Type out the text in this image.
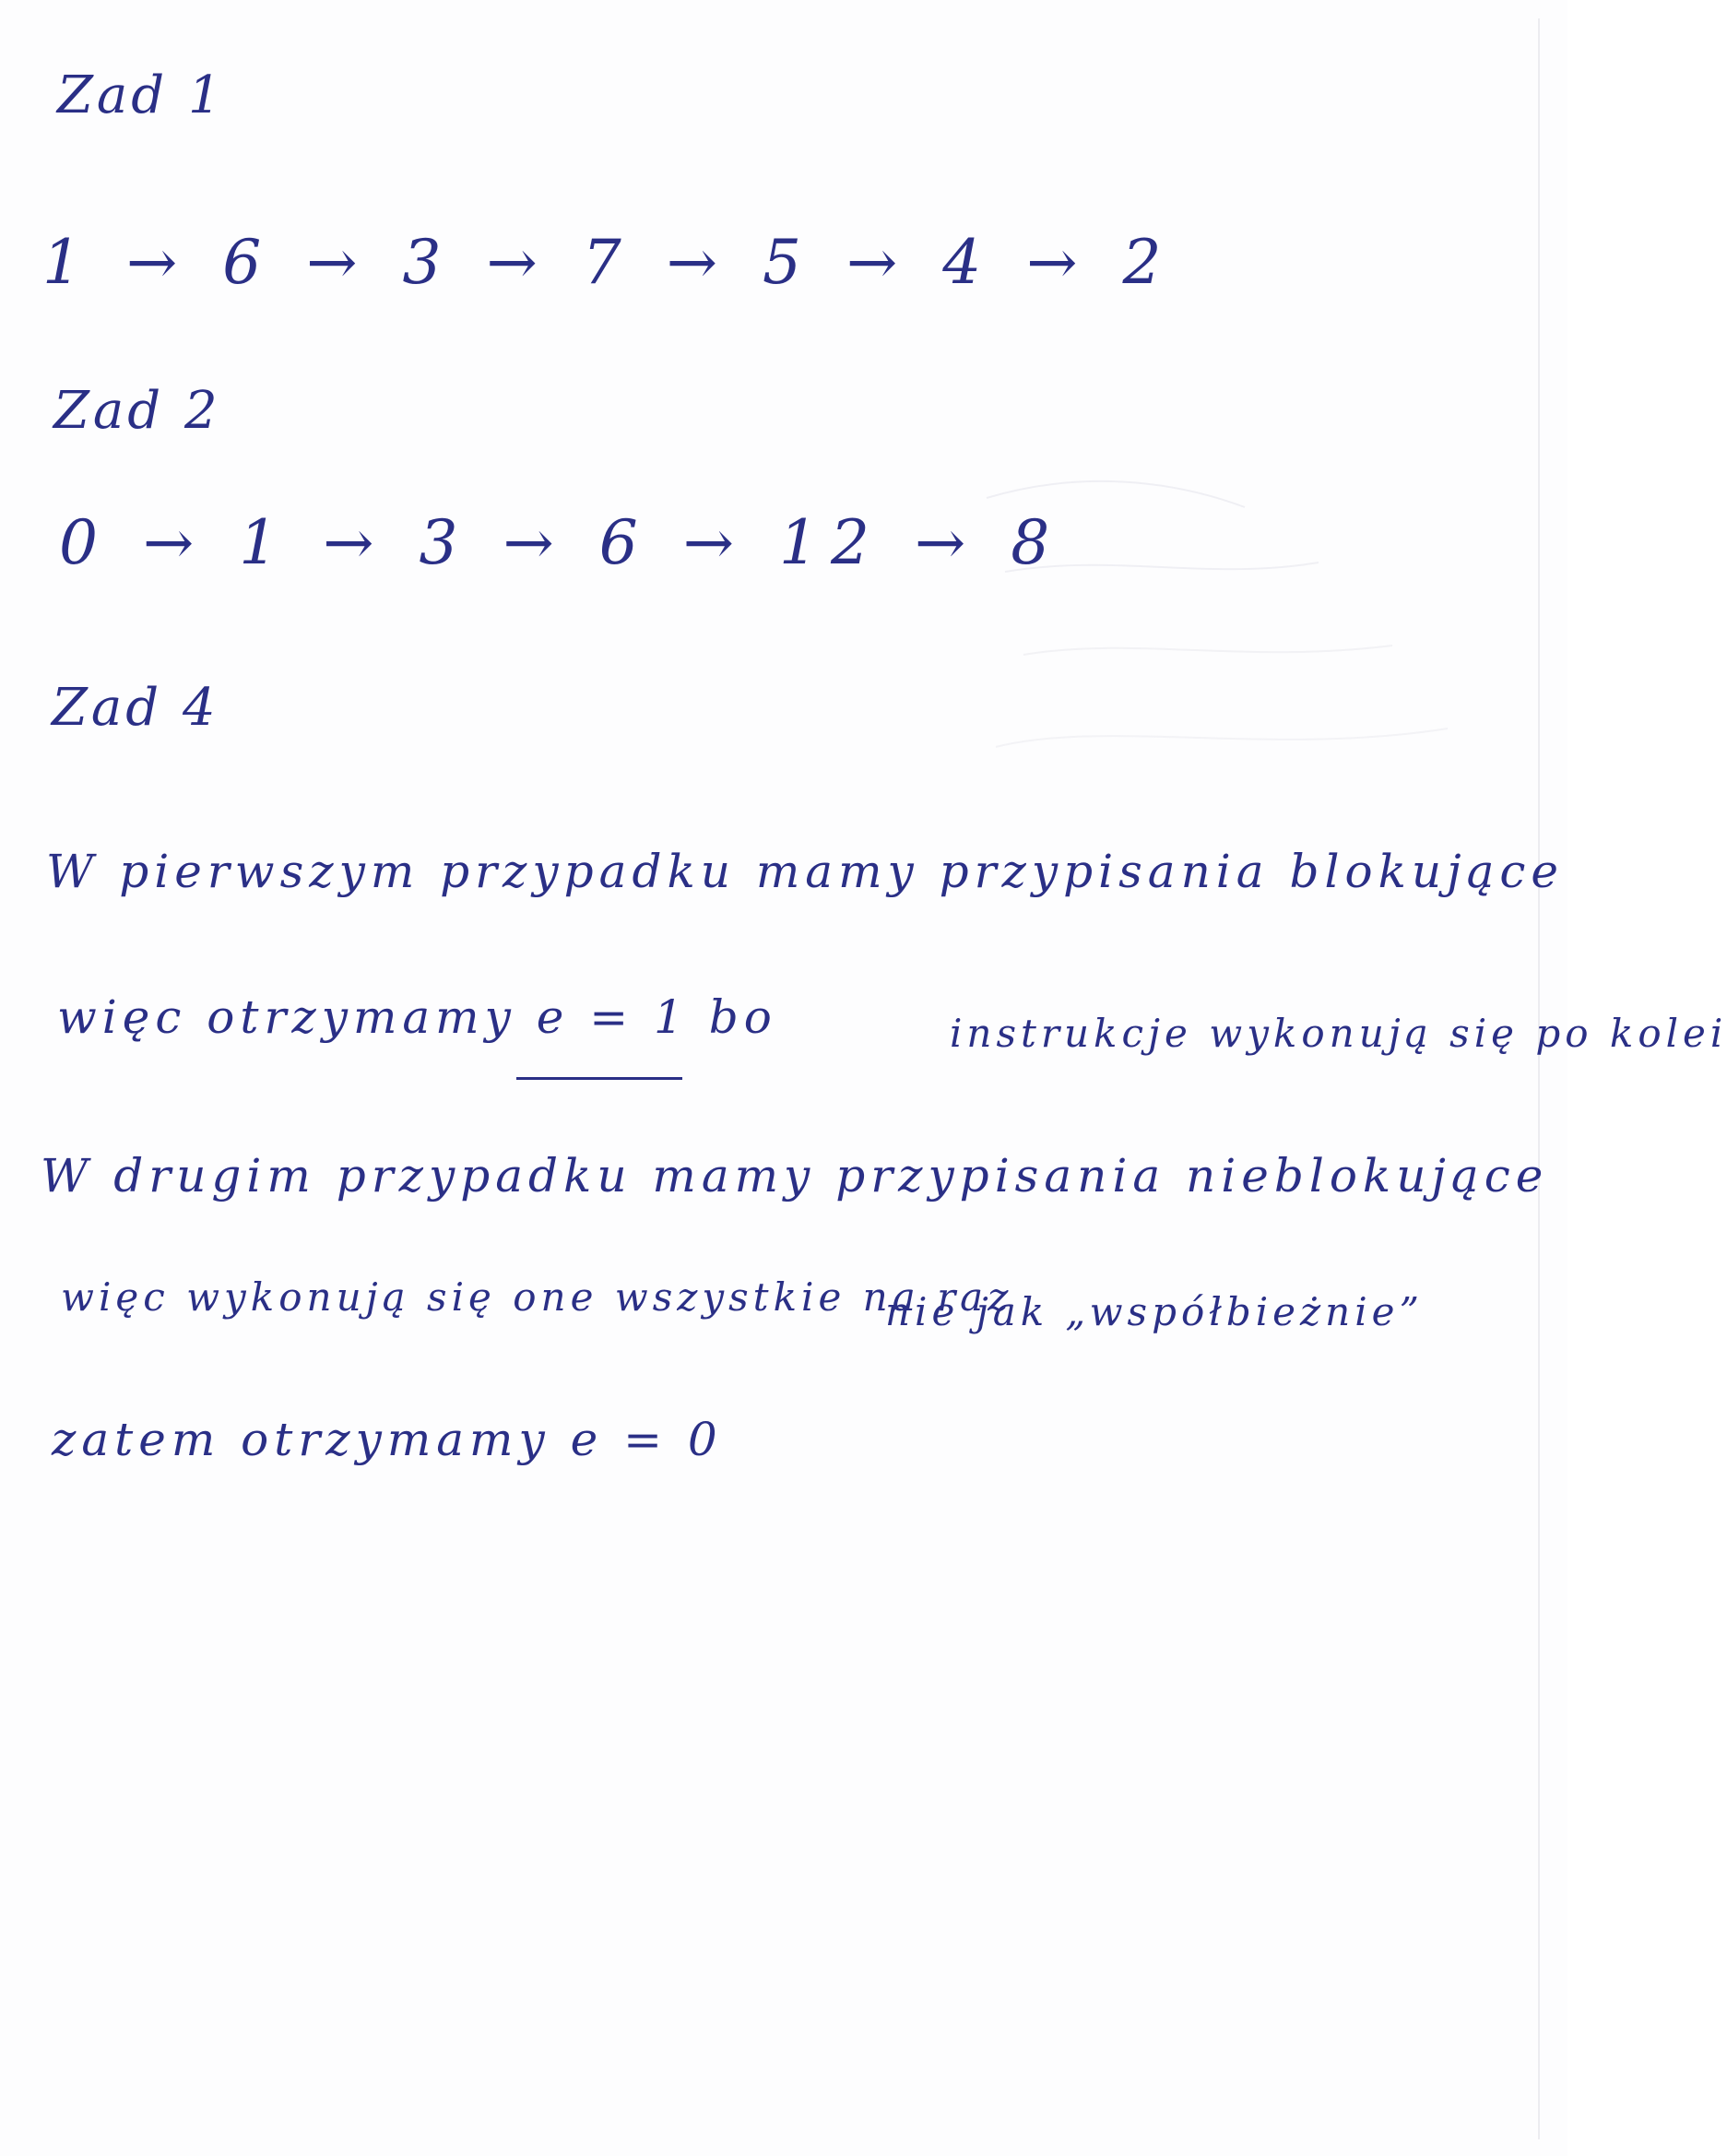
Zad 1
1 → 6 → 3 → 7 → 5 → 4 → 2
Zad 2
0 → 1 → 3 → 6 → 12 → 8
Zad 4
W pierwszym przypadku mamy przypisania blokujące
więc otrzymamy e = 1 bo	instrukcje wykonują się po kolei
W drugim przypadku mamy przypisania nieblokujące
więc wykonują się one wszystkie na raz
nie jak „współbieżnie”
zatem otrzymamy e = 0
